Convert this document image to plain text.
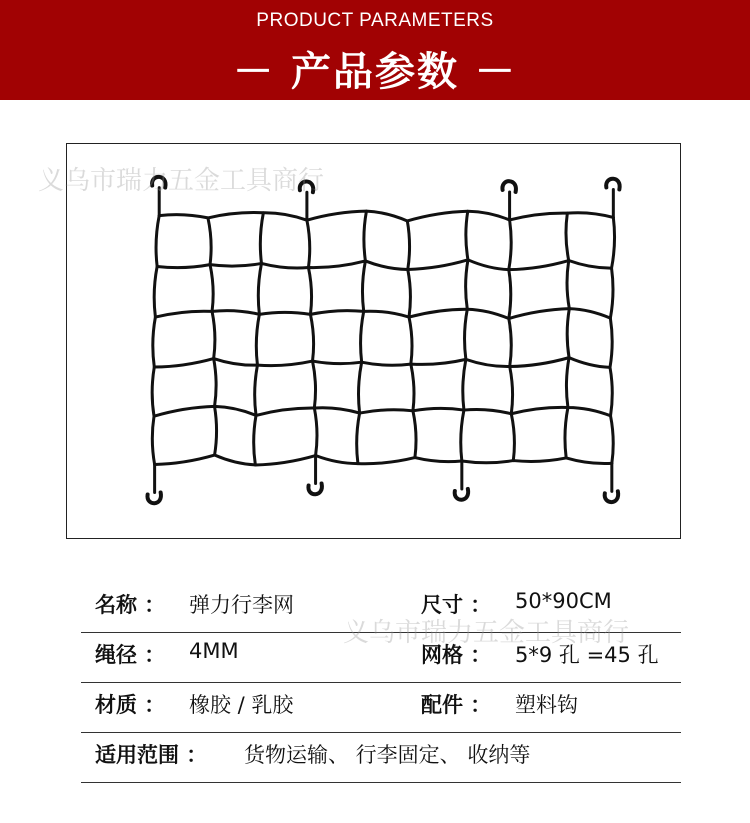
PRODUCT PARAMETERS
－ 产品参数 －
义乌市瑞力五金工具商行
名称 ： 弹力行李网	尺寸 ： 50*90CM
绳径 ： 4MM	网格 ： 5*9 孔 =45 孔
材质 ： 橡胶 / 乳胶	配件 ： 塑料钩
适用范围 ： 货物运输、 行李固定、 收纳等
义乌市瑞力五金工具商行
